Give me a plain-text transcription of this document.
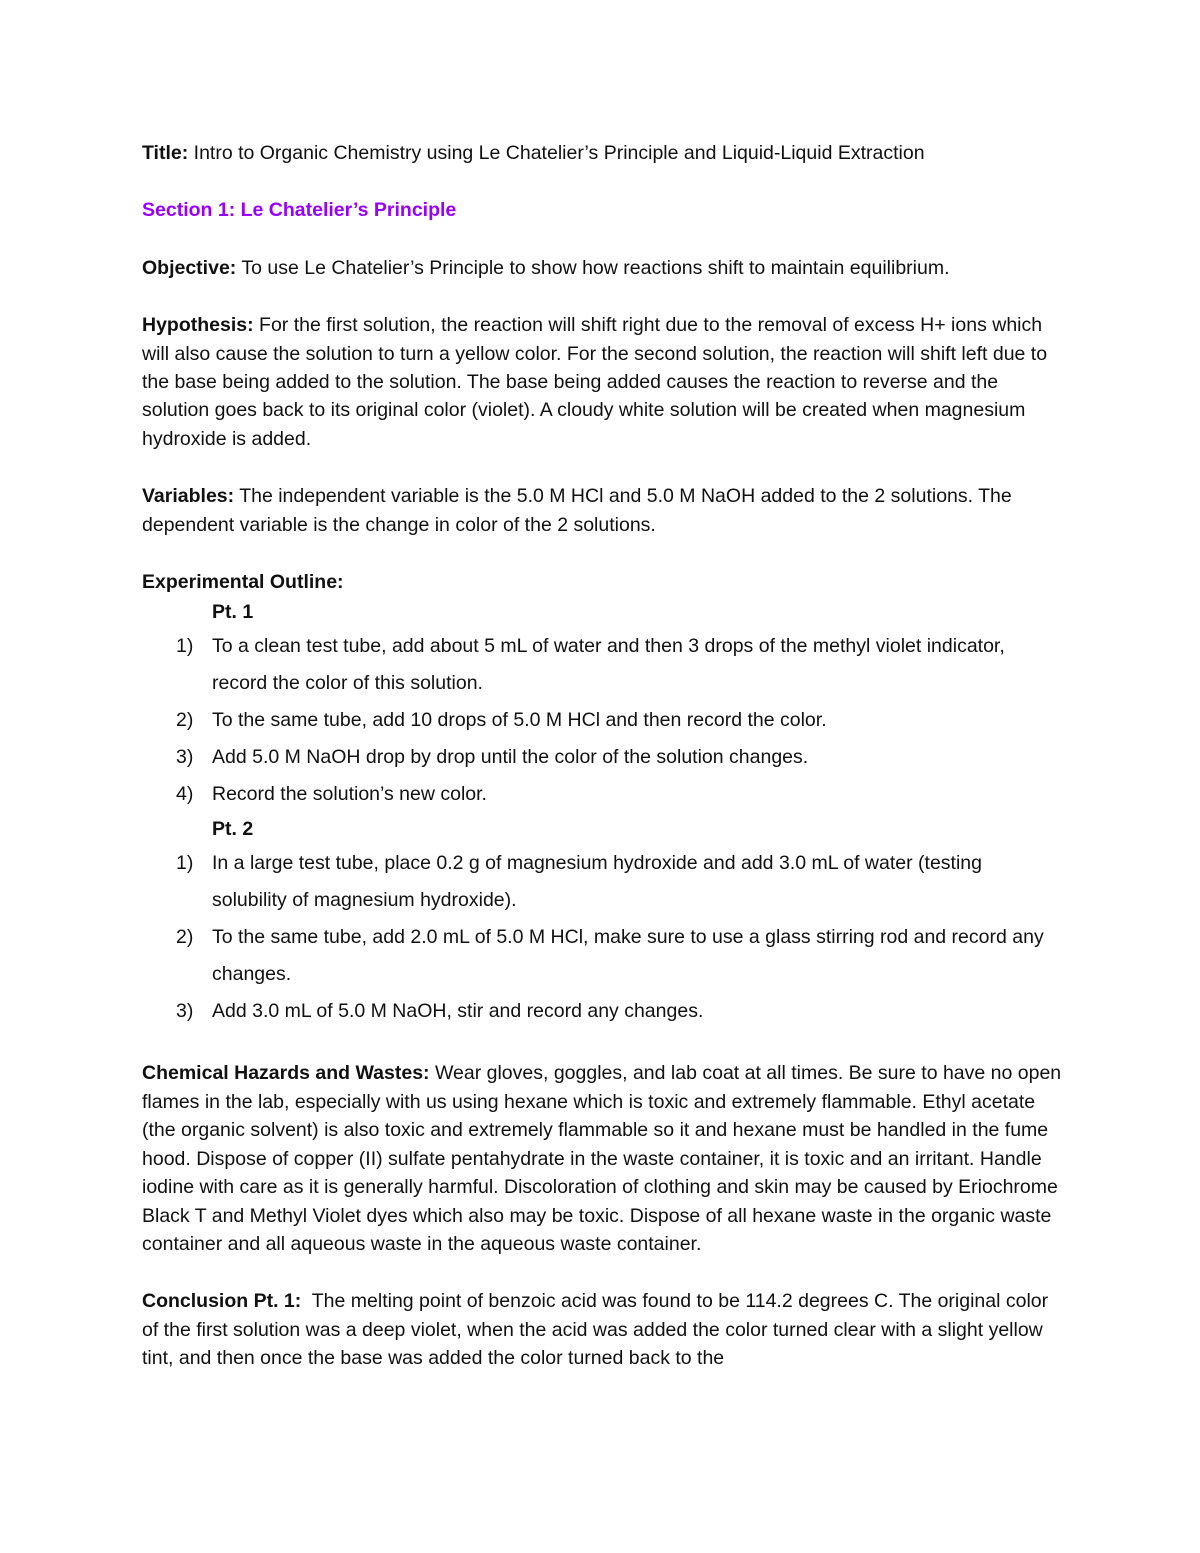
Title: Intro to Organic Chemistry using Le Chatelier’s Principle and Liquid-Liquid Extraction

Section 1: Le Chatelier’s Principle

Objective: To use Le Chatelier’s Principle to show how reactions shift to maintain equilibrium.

Hypothesis: For the first solution, the reaction will shift right due to the removal of excess H+ ions which will also cause the solution to turn a yellow color. For the second solution, the reaction will shift left due to the base being added to the solution. The base being added causes the reaction to reverse and the solution goes back to its original color (violet). A cloudy white solution will be created when magnesium hydroxide is added.

Variables: The independent variable is the 5.0 M HCl and 5.0 M NaOH added to the 2 solutions. The dependent variable is the change in color of the 2 solutions.

Experimental Outline:

Pt. 1

1) To a clean test tube, add about 5 mL of water and then 3 drops of the methyl violet indicator, record the color of this solution.
2) To the same tube, add 10 drops of 5.0 M HCl and then record the color.
3) Add 5.0 M NaOH drop by drop until the color of the solution changes.
4) Record the solution’s new color.

Pt. 2

1) In a large test tube, place 0.2 g of magnesium hydroxide and add 3.0 mL of water (testing solubility of magnesium hydroxide).
2) To the same tube, add 2.0 mL of 5.0 M HCl, make sure to use a glass stirring rod and record any changes.
3) Add 3.0 mL of 5.0 M NaOH, stir and record any changes.

Chemical Hazards and Wastes: Wear gloves, goggles, and lab coat at all times. Be sure to have no open flames in the lab, especially with us using hexane which is toxic and extremely flammable. Ethyl acetate (the organic solvent) is also toxic and extremely flammable so it and hexane must be handled in the fume hood. Dispose of copper (II) sulfate pentahydrate in the waste container, it is toxic and an irritant. Handle iodine with care as it is generally harmful. Discoloration of clothing and skin may be caused by Eriochrome Black T and Methyl Violet dyes which also may be toxic. Dispose of all hexane waste in the organic waste container and all aqueous waste in the aqueous waste container.

Conclusion Pt. 1:  The melting point of benzoic acid was found to be 114.2 degrees C. The original color of the first solution was a deep violet, when the acid was added the color turned clear with a slight yellow tint, and then once the base was added the color turned back to the
